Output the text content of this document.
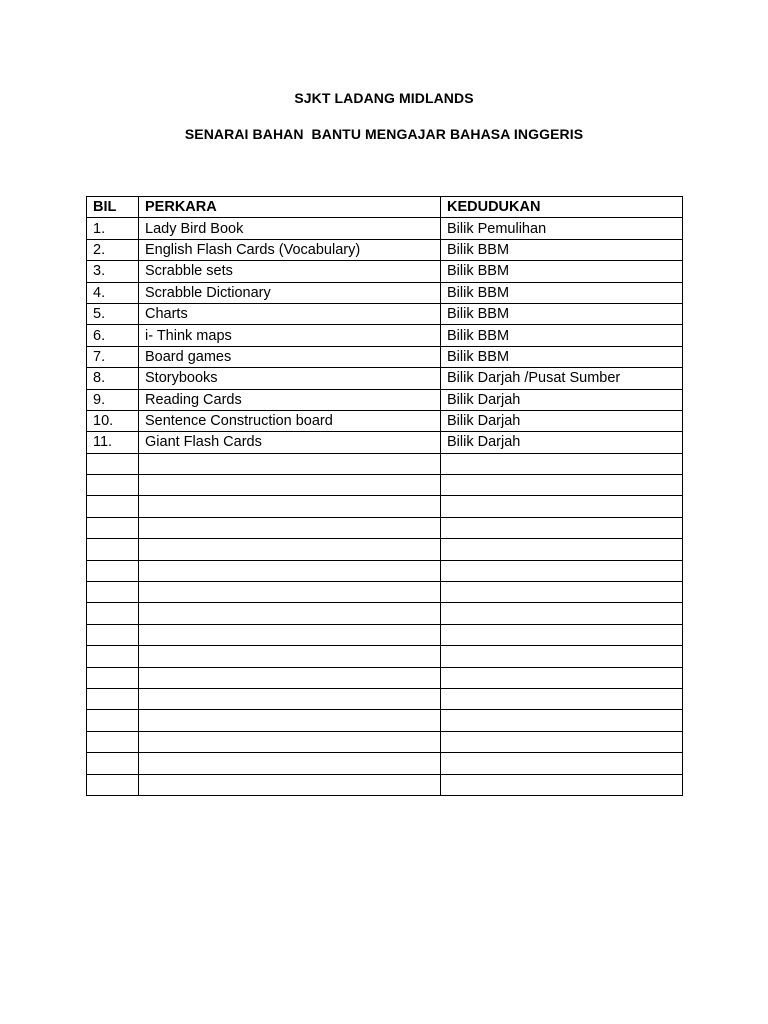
SJKT LADANG MIDLANDS
SENARAI BAHAN  BANTU MENGAJAR BAHASA INGGERIS
BIL	PERKARA	KEDUDUKAN
1.	Lady Bird Book	Bilik Pemulihan
2.	English Flash Cards (Vocabulary)	Bilik BBM
3.	Scrabble sets	Bilik BBM
4.	Scrabble Dictionary	Bilik BBM
5.	Charts	Bilik BBM
6.	i- Think maps	Bilik BBM
7.	Board games	Bilik BBM
8.	Storybooks	Bilik Darjah /Pusat Sumber
9.	Reading Cards	Bilik Darjah
10.	Sentence Construction board	Bilik Darjah
11.	Giant Flash Cards	Bilik Darjah
